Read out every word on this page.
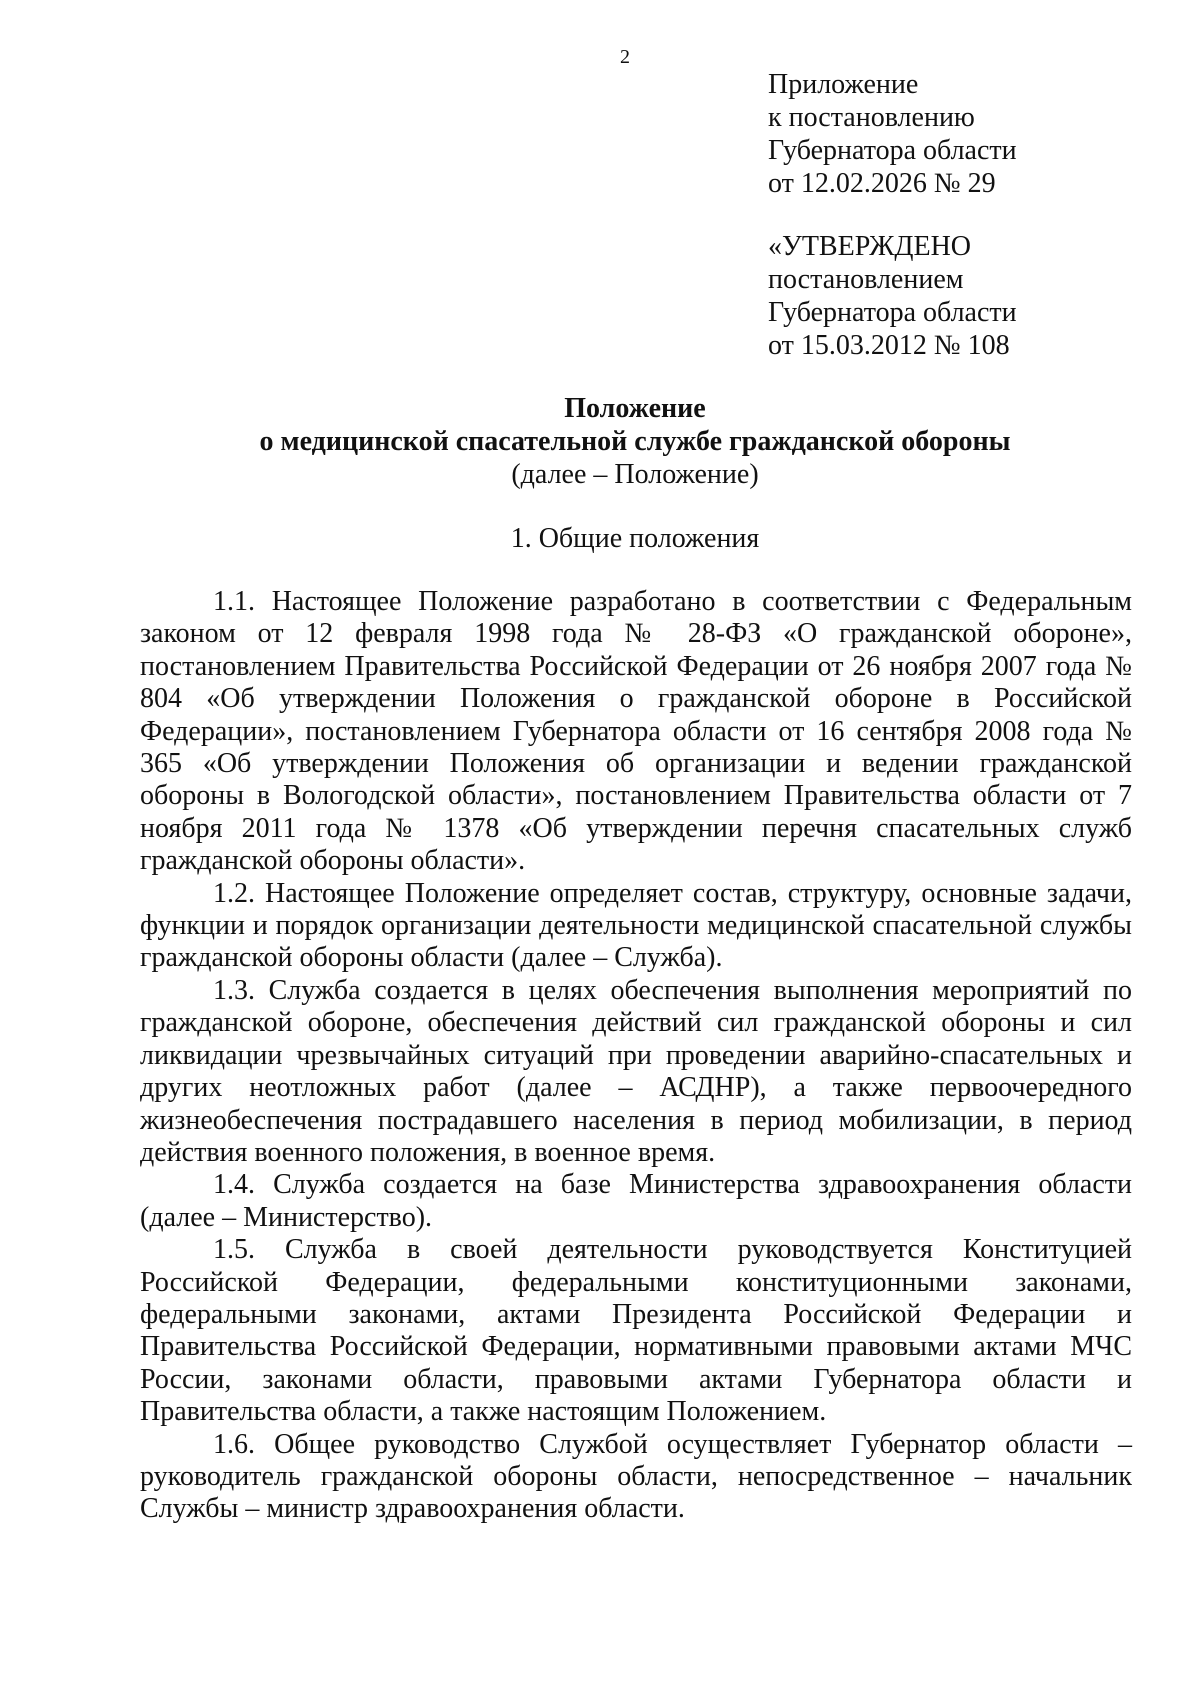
2
Приложение
к постановлению
Губернатора области
от 12.02.2026 № 29
«УТВЕРЖДЕНО
постановлением
Губернатора области
от 15.03.2012 № 108
Положение
о медицинской спасательной службе гражданской обороны
(далее – Положение)
1. Общие положения

1.1. Настоящее Положение разработано в соответствии с Федеральным законом от 12 февраля 1998 года № 28-ФЗ «О гражданской обороне», постановлением Правительства Российской Федерации от 26 ноября 2007 года № 804 «Об утверждении Положения о гражданской обороне в Российской Федерации», постановлением Губернатора области от 16 сентября 2008 года № 365 «Об утверждении Положения об организации и ведении гражданской обороны в Вологодской области», постановлением Правительства области от 7 ноября 2011 года № 1378 «Об утверждении перечня спасательных служб гражданской обороны области».

1.2. Настоящее Положение определяет состав, структуру, основные задачи, функции и порядок организации деятельности медицинской спасательной службы гражданской обороны области (далее – Служба).

1.3. Служба создается в целях обеспечения выполнения мероприятий по гражданской обороне, обеспечения действий сил гражданской обороны и сил ликвидации чрезвычайных ситуаций при проведении аварийно-спасательных и других неотложных работ (далее – АСДНР), а также первоочередного жизнеобеспечения пострадавшего населения в период мобилизации, в период действия военного положения, в военное время.

1.4. Служба создается на базе Министерства здравоохранения области (далее – Министерство).

1.5. Служба в своей деятельности руководствуется Конституцией Российской Федерации, федеральными конституционными законами, федеральными законами, актами Президента Российской Федерации и Правительства Российской Федерации, нормативными правовыми актами МЧС России, законами области, правовыми актами Губернатора области и Правительства области, а также настоящим Положением.

1.6. Общее руководство Службой осуществляет Губернатор области – руководитель гражданской обороны области, непосредственное – начальник Службы – министр здравоохранения области.
